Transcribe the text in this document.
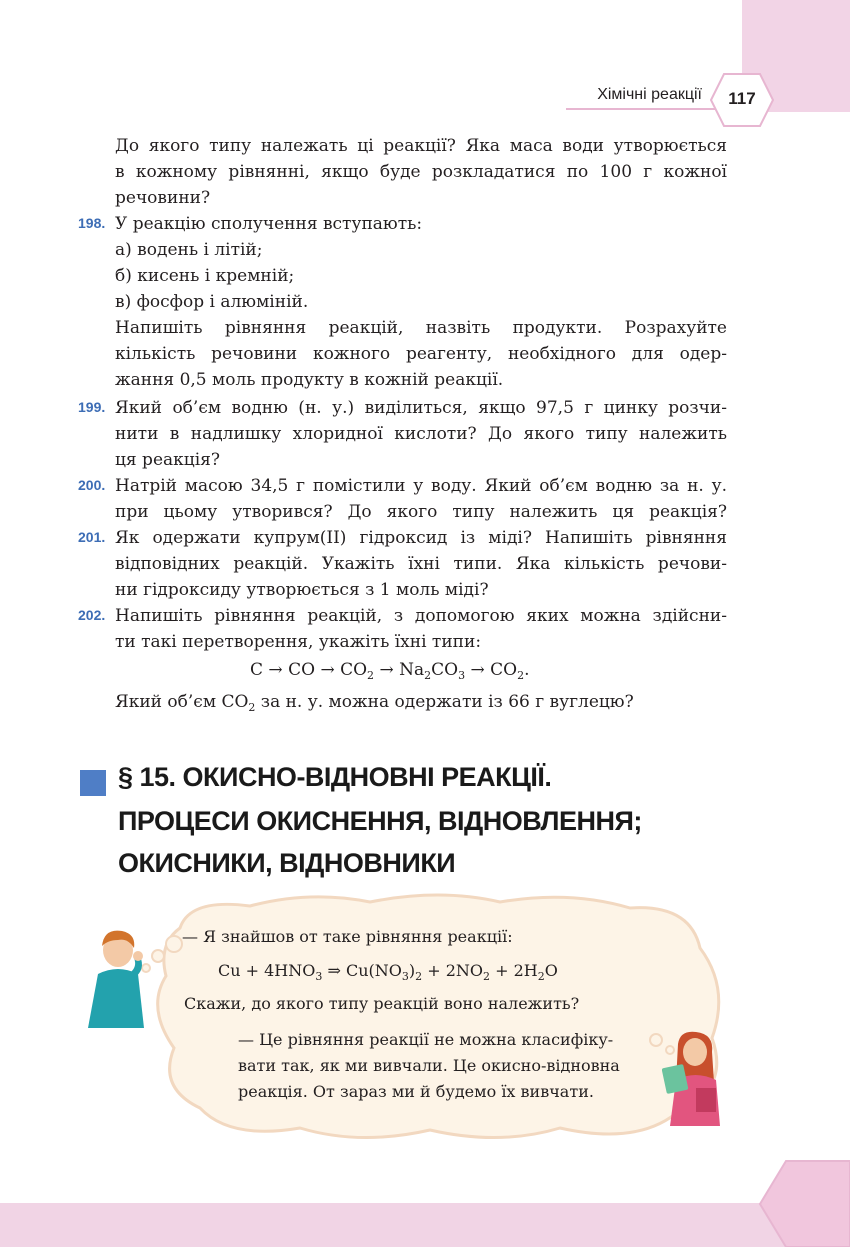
Хімічні реакції	117
До якого типу належать ці реакції? Яка маса води утворюється
в кожному рівнянні, якщо буде розкладатися по 100 г кожної
речовини?
198. У реакцію сполучення вступають:
а) водень і літій;
б) кисень і кремній;
в) фосфор і алюміній.
Напишіть рівняння реакцій, назвіть продукти. Розрахуйте
кількість речовини кожного реагенту, необхідного для одер-
жання 0,5 моль продукту в кожній реакції.
199. Який об’єм водню (н. у.) виділиться, якщо 97,5 г цинку розчи-
нити в надлишку хлоридної кислоти? До якого типу належить
ця реакція?
200. Натрій масою 34,5 г помістили у воду. Який об’єм водню за н. у.
при цьому утворився? До якого типу належить ця реакція?
201. Як одержати купрум(ІІ) гідроксид із міді? Напишіть рівняння
відповідних реакцій. Укажіть їхні типи. Яка кількість речови-
ни гідроксиду утворюється з 1 моль міді?
202. Напишіть рівняння реакцій, з допомогою яких можна здійсни-
ти такі перетворення, укажіть їхні типи:
C → CO → $CO_2 \to Na_2CO_3 \to CO_2$.
Який об’єм $CO_2$ за н. у. можна одержати із 66 г вуглецю?
§ 15. ОКИСНО-ВІДНОВНІ РЕАКЦІЇ.
ПРОЦЕСИ ОКИСНЕННЯ, ВІДНОВЛЕННЯ;
ОКИСНИКИ, ВІДНОВНИКИ
— Я знайшов от таке рівняння реакції:
$Cu + 4HNO_3$ ⇒ $Cu(NO_3)_2 + 2NO_2 + 2H_2O$
Скажи, до якого типу реакцій воно належить?
— Це рівняння реакції не можна класифіку-
вати так, як ми вивчали. Це окисно-відновна
реакція. От зараз ми й будемо їх вивчати.
